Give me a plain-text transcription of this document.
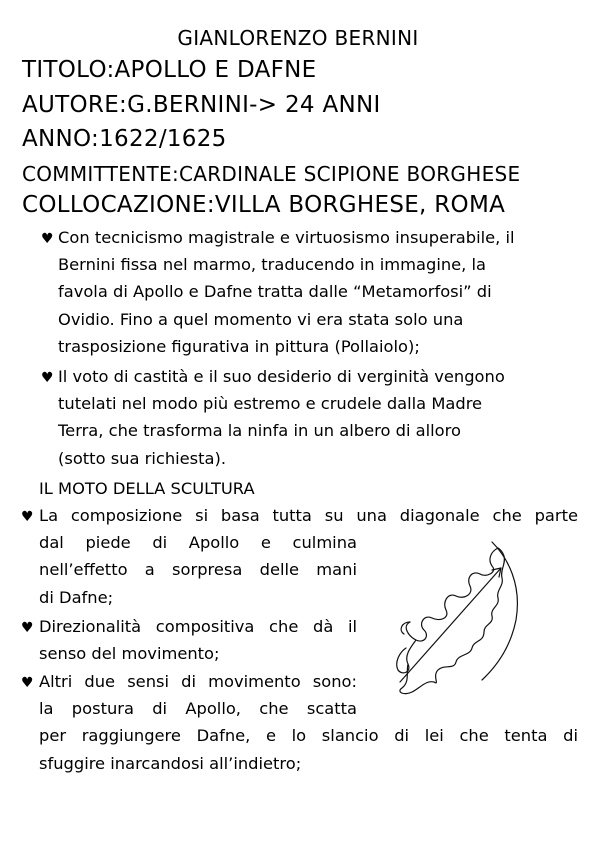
GIANLORENZO BERNINI
TITOLO:APOLLO E DAFNE
AUTORE:G.BERNINI-> 24 ANNI
ANNO:1622/1625
COMMITTENTE:CARDINALE SCIPIONE BORGHESE
COLLOCAZIONE:VILLA BORGHESE, ROMA
♥ Con tecnicismo magistrale e virtuosismo insuperabile, il
Bernini fissa nel marmo, traducendo in immagine, la
favola di Apollo e Dafne tratta dalle “Metamorfosi” di
Ovidio. Fino a quel momento vi era stata solo una
trasposizione figurativa in pittura (Pollaiolo);
♥ Il voto di castità e il suo desiderio di verginità vengono
tutelati nel modo più estremo e crudele dalla Madre
Terra, che trasforma la ninfa in un albero di alloro
(sotto sua richiesta).
IL MOTO DELLA SCULTURA
♥ La composizione si basa tutta su una diagonale che parte
dal piede di Apollo e culmina
nell’effetto a sorpresa delle mani
di Dafne;
♥ Direzionalità compositiva che dà il
senso del movimento;
♥ Altri due sensi di movimento sono:
la postura di Apollo, che scatta
per raggiungere Dafne, e lo slancio di lei che tenta di
sfuggire inarcandosi all’indietro;
